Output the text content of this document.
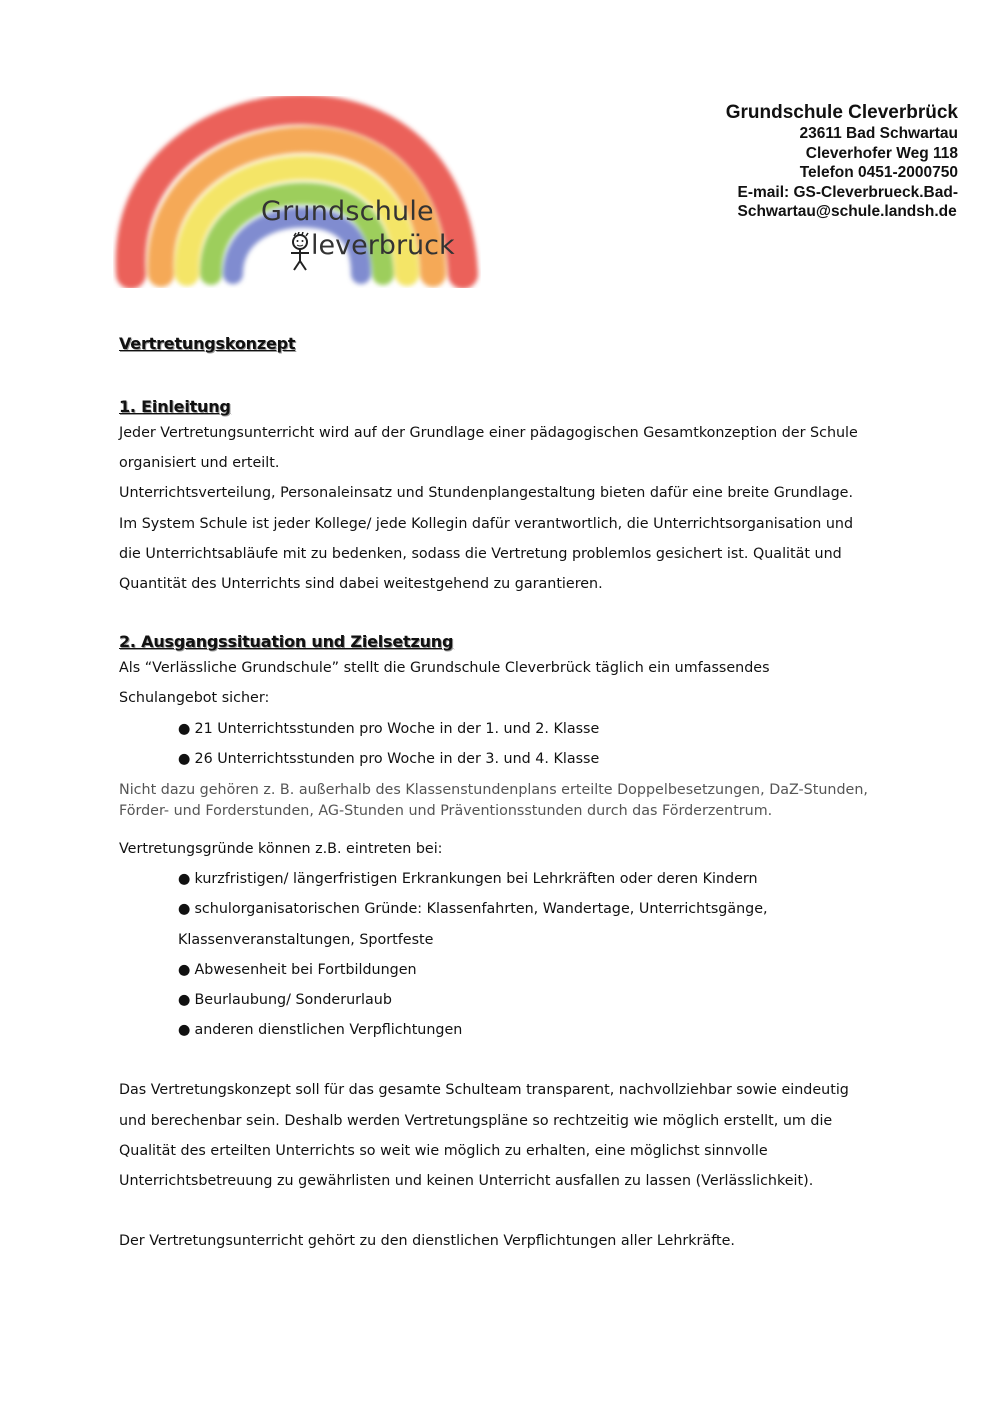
Grundschule
leverbrück
Grundschule Cleverbrück
23611 Bad Schwartau
Cleverhofer Weg 118
Telefon 0451-2000750
E-mail: GS-Cleverbrueck.Bad-
Schwartau@schule.landsh.de
Vertretungskonzept
1. Einleitung

Jeder Vertretungsunterricht wird auf der Grundlage einer pädagogischen Gesamtkonzeption der Schule

organisiert und erteilt.

Unterrichtsverteilung, Personaleinsatz und Stundenplangestaltung bieten dafür eine breite Grundlage.

Im System Schule ist jeder Kollege/ jede Kollegin dafür verantwortlich, die Unterrichtsorganisation und

die Unterrichtsabläufe mit zu bedenken, sodass die Vertretung problemlos gesichert ist. Qualität und

Quantität des Unterrichts sind dabei weitestgehend zu garantieren.

2. Ausgangssituation und Zielsetzung

Als “Verlässliche Grundschule” stellt die Grundschule Cleverbrück täglich ein umfassendes

Schulangebot sicher:

● 21 Unterrichtsstunden pro Woche in der 1. und 2. Klasse
● 26 Unterrichtsstunden pro Woche in der 3. und 4. Klasse

Nicht dazu gehören z. B. außerhalb des Klassenstundenplans erteilte Doppelbesetzungen, DaZ-Stunden,

Förder- und Forderstunden, AG-Stunden und Präventionsstunden durch das Förderzentrum.

Vertretungsgründe können z.B. eintreten bei:

● kurzfristigen/ längerfristigen Erkrankungen bei Lehrkräften oder deren Kindern
● schulorganisatorischen Gründe: Klassenfahrten, Wandertage, Unterrichtsgänge,
Klassenveranstaltungen, Sportfeste
● Abwesenheit bei Fortbildungen
● Beurlaubung/ Sonderurlaub
● anderen dienstlichen Verpflichtungen

Das Vertretungskonzept soll für das gesamte Schulteam transparent, nachvollziehbar sowie eindeutig

und berechenbar sein. Deshalb werden Vertretungspläne so rechtzeitig wie möglich erstellt, um die

Qualität des erteilten Unterrichts so weit wie möglich zu erhalten, eine möglichst sinnvolle

Unterrichtsbetreuung zu gewährlisten und keinen Unterricht ausfallen zu lassen (Verlässlichkeit).

Der Vertretungsunterricht gehört zu den dienstlichen Verpflichtungen aller Lehrkräfte.
